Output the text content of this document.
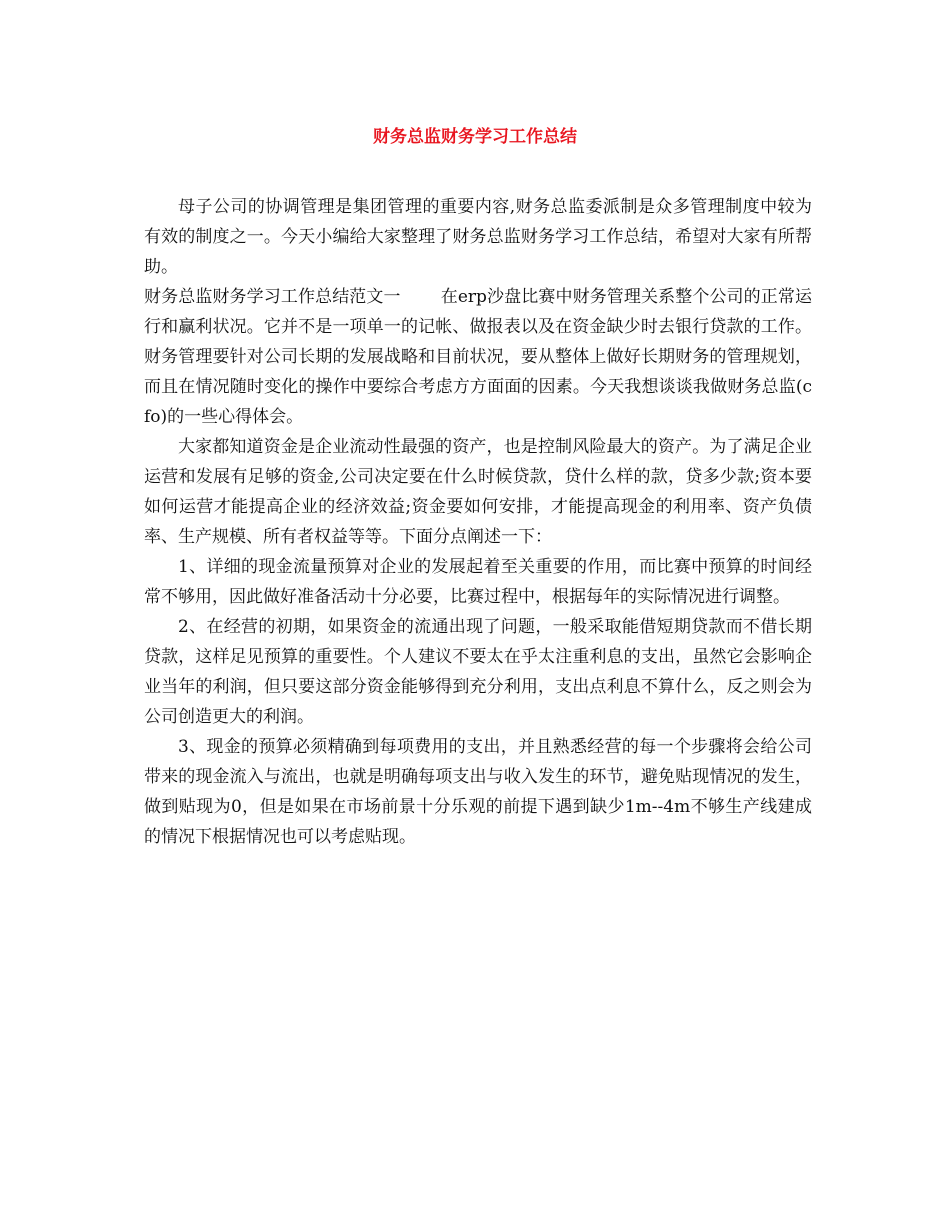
财务总监财务学习工作总结

母子公司的协调管理是集团管理的重要内容,财务总监委派制是众多管理制度中较为有效的制度之一。今天小编给大家整理了财务总监财务学习工作总结，希望对大家有所帮助。

财务总监财务学习工作总结范文一 在erp沙盘比赛中财务管理关系整个公司的正常运行和赢利状况。它并不是一项单一的记帐、做报表以及在资金缺少时去银行贷款的工作。财务管理要针对公司长期的发展战略和目前状况，要从整体上做好长期财务的管理规划，而且在情况随时变化的操作中要综合考虑方方面面的因素。今天我想谈谈我做财务总监(cfo)的一些心得体会。

大家都知道资金是企业流动性最强的资产，也是控制风险最大的资产。为了满足企业运营和发展有足够的资金,公司决定要在什么时候贷款，贷什么样的款，贷多少款;资本要如何运营才能提高企业的经济效益;资金要如何安排，才能提高现金的利用率、资产负债率、生产规模、所有者权益等等。下面分点阐述一下：

1、详细的现金流量预算对企业的发展起着至关重要的作用，而比赛中预算的时间经常不够用，因此做好准备活动十分必要，比赛过程中，根据每年的实际情况进行调整。

2、在经营的初期，如果资金的流通出现了问题，一般采取能借短期贷款而不借长期贷款，这样足见预算的重要性。个人建议不要太在乎太注重利息的支出，虽然它会影响企业当年的利润，但只要这部分资金能够得到充分利用，支出点利息不算什么，反之则会为公司创造更大的利润。

3、现金的预算必须精确到每项费用的支出，并且熟悉经营的每一个步骤将会给公司带来的现金流入与流出，也就是明确每项支出与收入发生的环节，避免贴现情况的发生，做到贴现为0，但是如果在市场前景十分乐观的前提下遇到缺少1m--4m不够生产线建成的情况下根据情况也可以考虑贴现。
